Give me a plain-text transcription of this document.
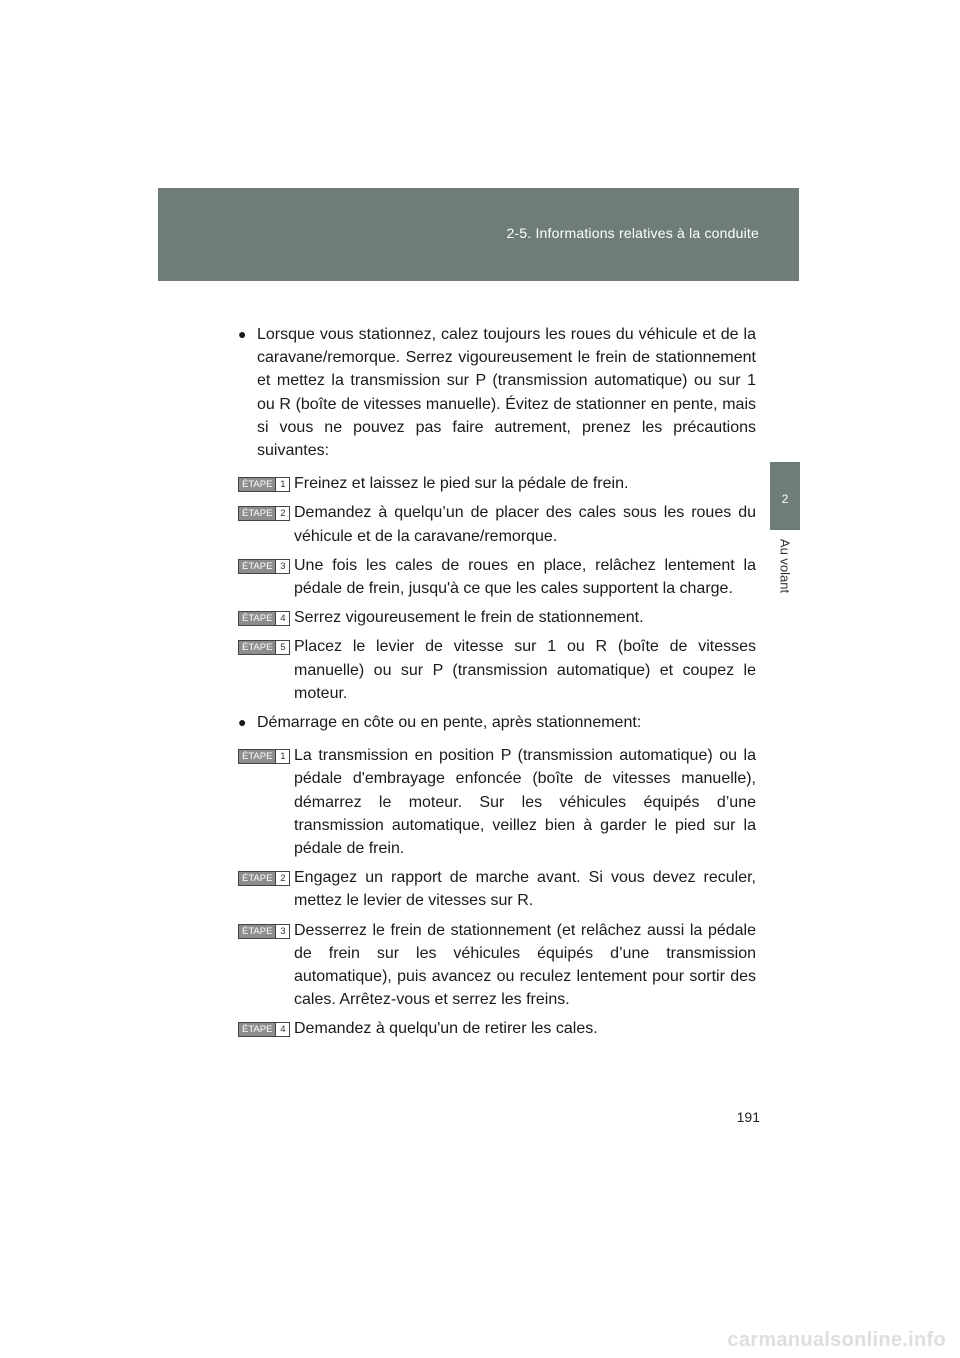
2-5. Informations relatives à la conduite
2
Au volant
● Lorsque vous stationnez, calez toujours les roues du véhicule et de la caravane/remorque. Serrez vigoureusement le frein de stationnement et mettez la transmission sur P (transmission automatique) ou sur 1 ou R (boîte de vitesses manuelle). Évitez de stationner en pente, mais si vous ne pouvez pas faire autrement, prenez les précautions suivantes:
ÉTAPE 1 Freinez et laissez le pied sur la pédale de frein.
ÉTAPE 2 Demandez à quelqu’un de placer des cales sous les roues du véhicule et de la caravane/remorque.
ÉTAPE 3 Une fois les cales de roues en place, relâchez lentement la pédale de frein, jusqu'à ce que les cales supportent la charge.
ÉTAPE 4 Serrez vigoureusement le frein de stationnement.
ÉTAPE 5 Placez le levier de vitesse sur 1 ou R (boîte de vitesses manuelle) ou sur P (transmission automatique) et coupez le moteur.
● Démarrage en côte ou en pente, après stationnement:
ÉTAPE 1 La transmission en position P (transmission automatique) ou la pédale d'embrayage enfoncée (boîte de vitesses manuelle), démarrez le moteur. Sur les véhicules équipés d’une transmission automatique, veillez bien à garder le pied sur la pédale de frein.
ÉTAPE 2 Engagez un rapport de marche avant. Si vous devez reculer, mettez le levier de vitesses sur R.
ÉTAPE 3 Desserrez le frein de stationnement (et relâchez aussi la pédale de frein sur les véhicules équipés d’une transmission automatique), puis avancez ou reculez lentement pour sortir des cales. Arrêtez-vous et serrez les freins.
ÉTAPE 4 Demandez à quelqu'un de retirer les cales.
191
carmanualsonline.info
